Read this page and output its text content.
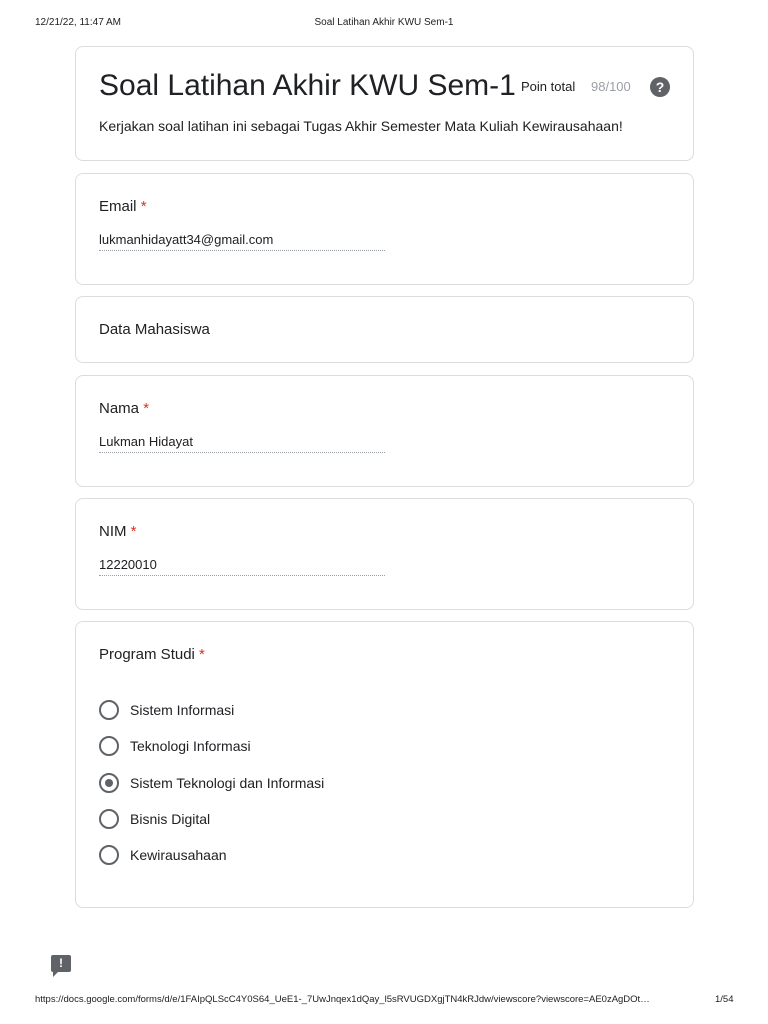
12/21/22, 11:47 AM	Soal Latihan Akhir KWU Sem-1
Soal Latihan Akhir KWU Sem-1 Poin total 98/100	?
Kerjakan soal latihan ini sebagai Tugas Akhir Semester Mata Kuliah Kewirausahaan!
Email *
lukmanhidayatt34@gmail.com
Data Mahasiswa
Nama *
Lukman Hidayat
NIM *
12220010
Program Studi *
Sistem Informasi
Teknologi Informasi
Sistem Teknologi dan Informasi
Bisnis Digital
Kewirausahaan
!
https://docs.google.com/forms/d/e/1FAIpQLScC4Y0S64_UeE1-_7UwJnqex1dQay_l5sRVUGDXgjTN4kRJdw/viewscore?viewscore=AE0zAgDOt…	1/54
